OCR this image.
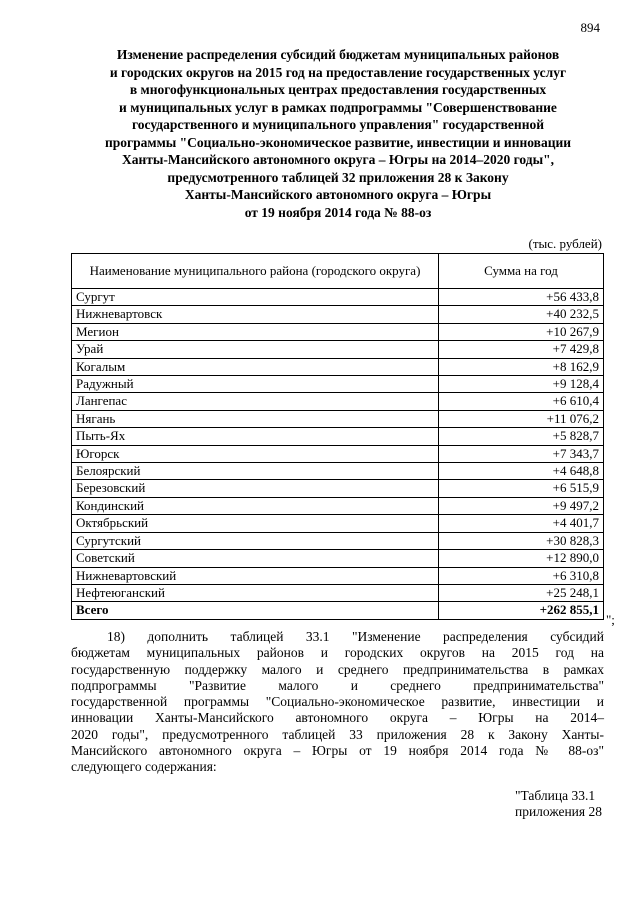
894
Изменение распределения субсидий бюджетам муниципальных районов
и городских округов на 2015 год на предоставление государственных услуг
в многофункциональных центрах предоставления государственных
и муниципальных услуг в рамках подпрограммы "Совершенствование
государственного и муниципального управления" государственной
программы "Социально-экономическое развитие, инвестиции и инновации
Ханты-Мансийского автономного округа – Югры на 2014–2020 годы",
предусмотренного таблицей 32 приложения 28 к Закону
Ханты-Мансийского автономного округа – Югры
от 19 ноября 2014 года № 88-оз
(тыс. рублей)
Наименование муниципального района (городского округа)	Сумма на год
Сургут	+56 433,8
Нижневартовск	+40 232,5
Мегион	+10 267,9
Урай	+7 429,8
Когалым	+8 162,9
Радужный	+9 128,4
Лангепас	+6 610,4
Нягань	+11 076,2
Пыть-Ях	+5 828,7
Югорск	+7 343,7
Белоярский	+4 648,8
Березовский	+6 515,9
Кондинский	+9 497,2
Октябрьский	+4 401,7
Сургутский	+30 828,3
Советский	+12 890,0
Нижневартовский	+6 310,8
Нефтеюганский	+25 248,1
Всего	+262 855,1
";
18) дополнить таблицей 33.1 "Изменение распределения субсидий
бюджетам муниципальных районов и городских округов на 2015 год на
государственную поддержку малого и среднего предпринимательства в рамках
подпрограммы "Развитие малого и среднего предпринимательства"
государственной программы "Социально-экономическое развитие, инвестиции и
инновации Ханты-Мансийского автономного округа – Югры на 2014–
2020 годы", предусмотренного таблицей 33 приложения 28 к Закону Ханты-
Мансийского автономного округа – Югры от 19 ноября 2014 года № 88-оз"
следующего содержания:
"Таблица 33.1
приложения 28
